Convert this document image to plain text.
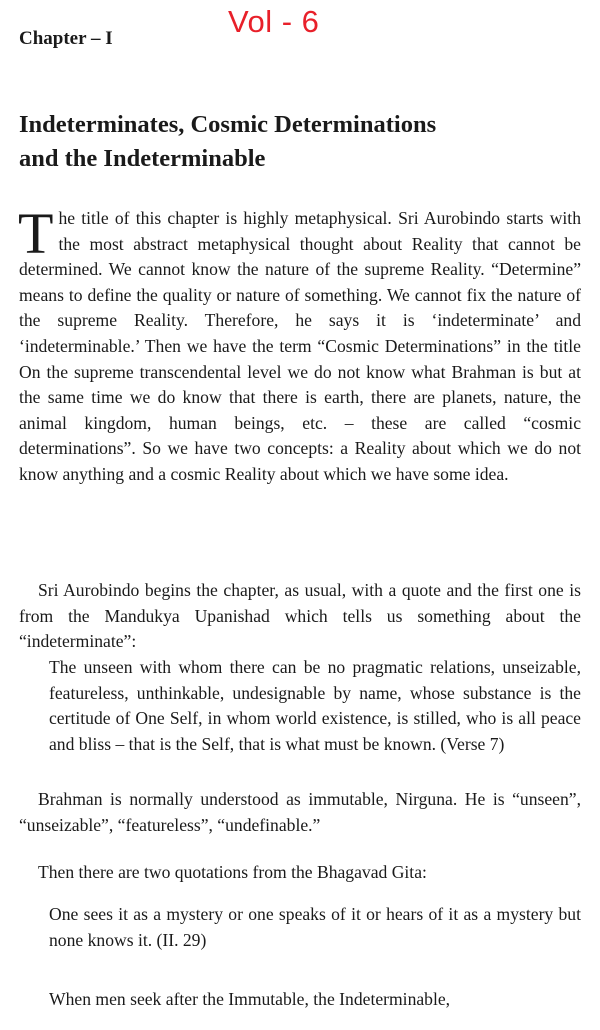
Chapter – I	Vol - 6
Indeterminates, Cosmic Determinations
and the Indeterminable

The title of this chapter is highly metaphysical. Sri Aurobindo starts with the most abstract metaphysical thought about Reality that cannot be determined. We cannot know the nature of the supreme Reality. “Determine” means to define the quality or nature of something. We cannot fix the nature of the supreme Reality. Therefore, he says it is ‘indeterminate’ and ‘indeterminable.’ Then we have the term “Cosmic Determinations” in the title On the supreme transcendental level we do not know what Brahman is but at the same time we do know that there is earth, there are planets, nature, the animal kingdom, human beings, etc. – these are called “cosmic determinations”. So we have two concepts: a Reality about which we do not know anything and a cosmic Reality about which we have some idea.

Sri Aurobindo begins the chapter, as usual, with a quote and the first one is from the Mandukya Upanishad which tells us something about the “indeterminate”:

The unseen with whom there can be no pragmatic relations, unseizable, featureless, unthinkable, undesignable by name, whose substance is the certitude of One Self, in whom world existence, is stilled, who is all peace and bliss – that is the Self, that is what must be known. (Verse 7)

Brahman is normally understood as immutable, Nirguna. He is “unseen”, “unseizable”, “featureless”, “undefinable.”

Then there are two quotations from the Bhagavad Gita:

One sees it as a mystery or one speaks of it or hears of it as a mystery but none knows it. (II. 29)

When men seek after the Immutable, the Indeterminable,
